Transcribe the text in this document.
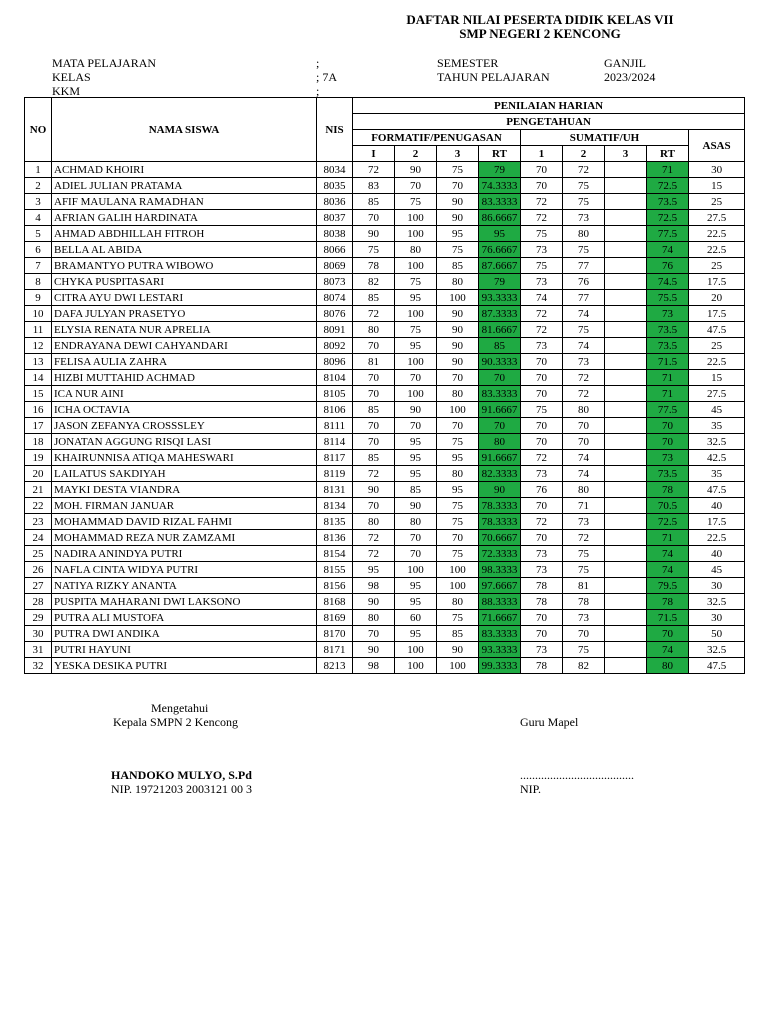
DAFTAR NILAI PESERTA DIDIK KELAS VII
SMP NEGERI 2 KENCONG
MATA PELAJARAN	;
KELAS	; 7A
KKM	;
SEMESTER	GANJIL
TAHUN PELAJARAN	2023/2024
NO	NAMA SISWA	NIS	PENILAIAN HARIAN								
			PENGETAHUAN								
			FORMATIF/PENUGASAN				SUMATIF/UH				ASAS
			I	2	3	RT	1	2	3	RT	
1	ACHMAD KHOIRI	8034	72	90	75	79	70	72		71	30
2	ADIEL JULIAN PRATAMA	8035	83	70	70	74.3333	70	75		72.5	15
3	AFIF MAULANA RAMADHAN	8036	85	75	90	83.3333	72	75		73.5	25
4	AFRIAN GALIH HARDINATA	8037	70	100	90	86.6667	72	73		72.5	27.5
5	AHMAD ABDHILLAH FITROH	8038	90	100	95	95	75	80		77.5	22.5
6	BELLA AL ABIDA	8066	75	80	75	76.6667	73	75		74	22.5
7	BRAMANTYO PUTRA WIBOWO	8069	78	100	85	87.6667	75	77		76	25
8	CHYKA PUSPITASARI	8073	82	75	80	79	73	76		74.5	17.5
9	CITRA AYU DWI LESTARI	8074	85	95	100	93.3333	74	77		75.5	20
10	DAFA JULYAN PRASETYO	8076	72	100	90	87.3333	72	74		73	17.5
11	ELYSIA RENATA NUR APRELIA	8091	80	75	90	81.6667	72	75		73.5	47.5
12	ENDRAYANA DEWI CAHYANDARI	8092	70	95	90	85	73	74		73.5	25
13	FELISA AULIA ZAHRA	8096	81	100	90	90.3333	70	73		71.5	22.5
14	HIZBI MUTTAHID ACHMAD	8104	70	70	70	70	70	72		71	15
15	ICA NUR AINI	8105	70	100	80	83.3333	70	72		71	27.5
16	ICHA OCTAVIA	8106	85	90	100	91.6667	75	80		77.5	45
17	JASON ZEFANYA CROSSSLEY	8111	70	70	70	70	70	70		70	35
18	JONATAN AGGUNG RISQI LASI	8114	70	95	75	80	70	70		70	32.5
19	KHAIRUNNISA ATIQA MAHESWARI	8117	85	95	95	91.6667	72	74		73	42.5
20	LAILATUS SAKDIYAH	8119	72	95	80	82.3333	73	74		73.5	35
21	MAYKI DESTA VIANDRA	8131	90	85	95	90	76	80		78	47.5
22	MOH. FIRMAN JANUAR	8134	70	90	75	78.3333	70	71		70.5	40
23	MOHAMMAD DAVID RIZAL FAHMI	8135	80	80	75	78.3333	72	73		72.5	17.5
24	MOHAMMAD REZA NUR ZAMZAMI	8136	72	70	70	70.6667	70	72		71	22.5
25	NADIRA ANINDYA PUTRI	8154	72	70	75	72.3333	73	75		74	40
26	NAFLA CINTA WIDYA PUTRI	8155	95	100	100	98.3333	73	75		74	45
27	NATIYA RIZKY ANANTA	8156	98	95	100	97.6667	78	81		79.5	30
28	PUSPITA MAHARANI DWI LAKSONO	8168	90	95	80	88.3333	78	78		78	32.5
29	PUTRA ALI MUSTOFA	8169	80	60	75	71.6667	70	73		71.5	30
30	PUTRA DWI ANDIKA	8170	70	95	85	83.3333	70	70		70	50
31	PUTRI HAYUNI	8171	90	100	90	93.3333	73	75		74	32.5
32	YESKA DESIKA PUTRI	8213	98	100	100	99.3333	78	82		80	47.5
Mengetahui
Kepala SMPN 2 Kencong	Guru Mapel
HANDOKO MULYO, S.Pd	......................................
NIP. 19721203 2003121 00 3	NIP.
